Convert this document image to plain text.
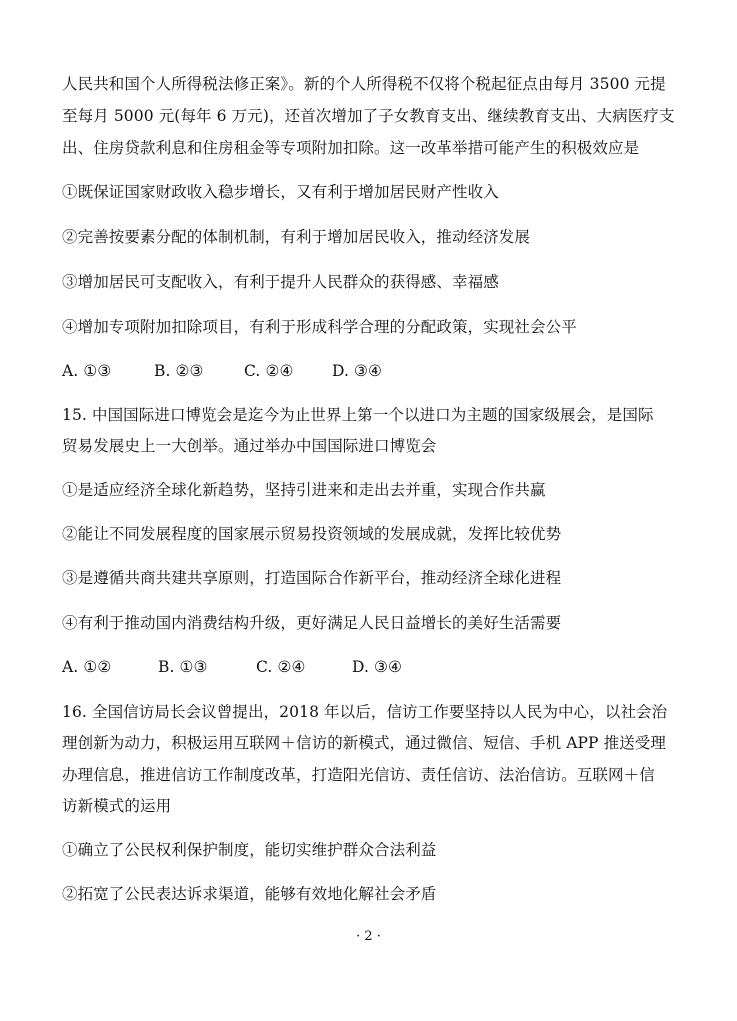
人民共和国个人所得税法修正案》。新的个人所得税不仅将个税起征点由每月 3500 元提
至每月 5000 元(每年 6 万元)，还首次增加了子女教育支出、继续教育支出、大病医疗支
出、住房贷款利息和住房租金等专项附加扣除。这一改革举措可能产生的积极效应是
①既保证国家财政收入稳步增长，又有利于增加居民财产性收入
②完善按要素分配的体制机制，有利于增加居民收入，推动经济发展
③增加居民可支配收入，有利于提升人民群众的获得感、幸福感
④增加专项附加扣除项目，有利于形成科学合理的分配政策，实现社会公平
A. ①③	B. ②③	C. ②④ D. ③④
15. 中国国际进口博览会是迄今为止世界上第一个以进口为主题的国家级展会，是国际
贸易发展史上一大创举。通过举办中国国际进口博览会
①是适应经济全球化新趋势，坚持引进来和走出去并重，实现合作共赢
②能让不同发展程度的国家展示贸易投资领域的发展成就，发挥比较优势
③是遵循共商共建共享原则，打造国际合作新平台，推动经济全球化进程
④有利于推动国内消费结构升级，更好满足人民日益增长的美好生活需要
A. ①②	B. ①③	C. ②④	D. ③④
16. 全国信访局长会议曾提出，2018 年以后，信访工作要坚持以人民为中心，以社会治
理创新为动力，积极运用互联网＋信访的新模式，通过微信、短信、手机 APP 推送受理
办理信息，推进信访工作制度改革，打造阳光信访、责任信访、法治信访。互联网＋信
访新模式的运用
①确立了公民权利保护制度，能切实维护群众合法利益
②拓宽了公民表达诉求渠道，能够有效地化解社会矛盾
· 2 ·
